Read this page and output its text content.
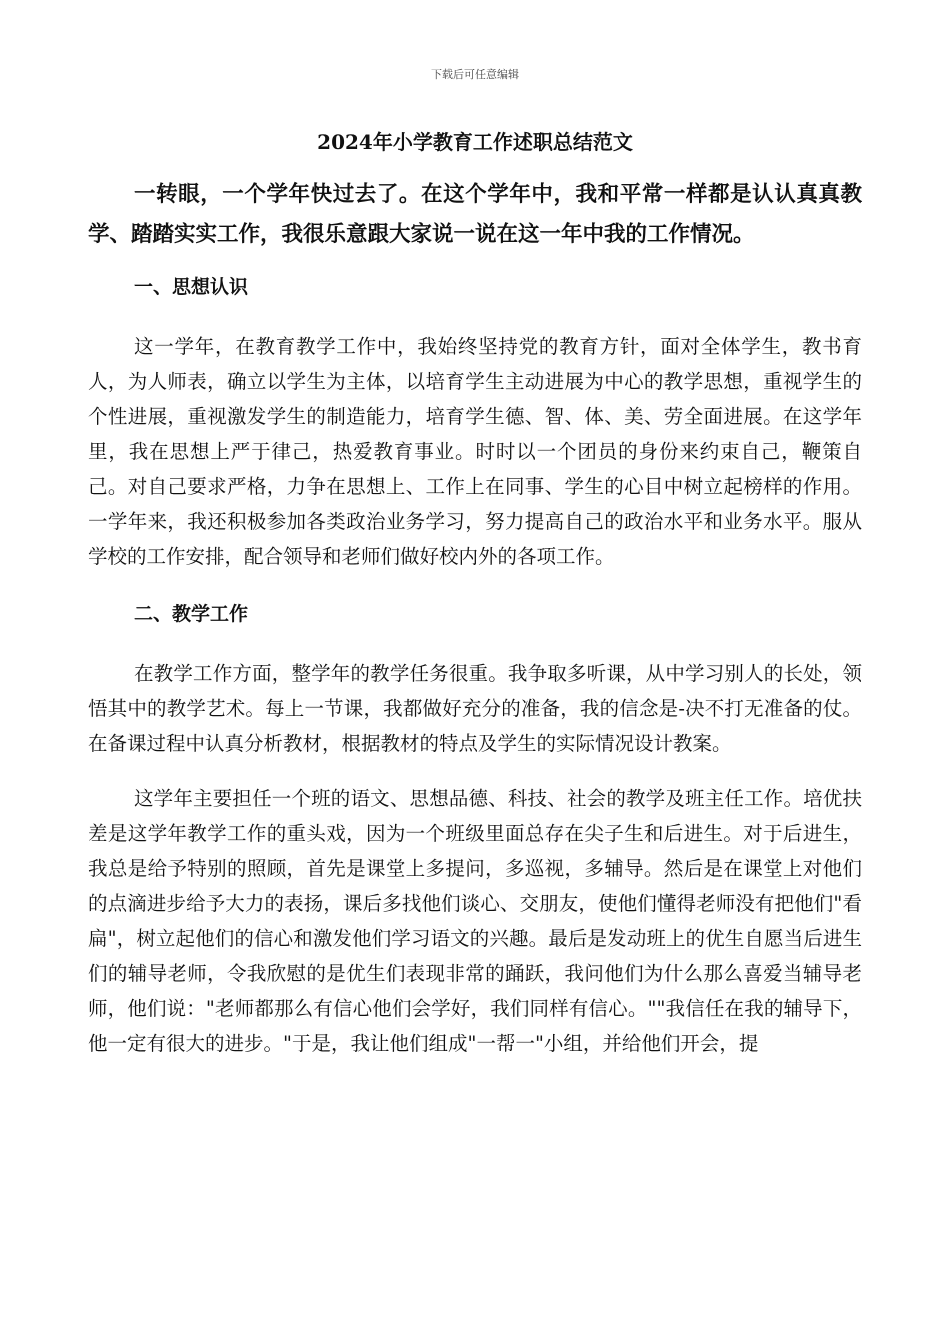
下载后可任意编辑
2024年小学教育工作述职总结范文

一转眼，一个学年快过去了。在这个学年中，我和平常一样都是认认真真教学、踏踏实实工作，我很乐意跟大家说一说在这一年中我的工作情况。

一、思想认识

这一学年，在教育教学工作中，我始终坚持党的教育方针，面对全体学生，教书育人，为人师表，确立以学生为主体，以培育学生主动进展为中心的教学思想，重视学生的个性进展，重视激发学生的制造能力，培育学生德、智、体、美、劳全面进展。在这学年里，我在思想上严于律己，热爱教育事业。时时以一个团员的身份来约束自己，鞭策自己。对自己要求严格，力争在思想上、工作上在同事、学生的心目中树立起榜样的作用。一学年来，我还积极参加各类政治业务学习，努力提高自己的政治水平和业务水平。服从学校的工作安排，配合领导和老师们做好校内外的各项工作。

二、教学工作

在教学工作方面，整学年的教学任务很重。我争取多听课，从中学习别人的长处，领悟其中的教学艺术。每上一节课，我都做好充分的准备，我的信念是-决不打无准备的仗。在备课过程中认真分析教材，根据教材的特点及学生的实际情况设计教案。

这学年主要担任一个班的语文、思想品德、科技、社会的教学及班主任工作。培优扶差是这学年教学工作的重头戏，因为一个班级里面总存在尖子生和后进生。对于后进生，我总是给予特别的照顾，首先是课堂上多提问，多巡视，多辅导。然后是在课堂上对他们的点滴进步给予大力的表扬，课后多找他们谈心、交朋友，使他们懂得老师没有把他们"看扁"，树立起他们的信心和激发他们学习语文的兴趣。最后是发动班上的优生自愿当后进生们的辅导老师，令我欣慰的是优生们表现非常的踊跃，我问他们为什么那么喜爱当辅导老师，他们说："老师都那么有信心他们会学好，我们同样有信心。""我信任在我的辅导下，他一定有很大的进步。"于是，我让他们组成"一帮一"小组，并给他们开会，提
